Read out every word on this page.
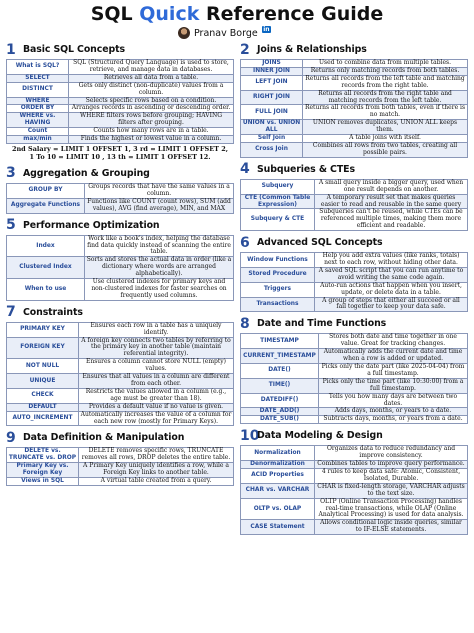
SQL Quick Reference Guide
Pranav Borge in
1 Basic SQL Concepts
What is SQL?	SQL (Structured Query Language) is used to store, retrieve, and manage data in databases.
SELECT	Retrieves all data from a table.
DISTINCT	Gets only distinct (non-duplicate) values from a column.
WHERE	Selects specific rows based on a condition.
ORDER BY	Arranges records in ascending or descending order.
WHERE vs. HAVING	WHERE filters rows before grouping; HAVING filters after grouping.
Count	Counts how many rows are in a table.
max/min	Finds the highest or lowest value in a column.
2nd Salary = LIMIT 1 OFFSET 1, 3 rd = LIMIT 1 OFFSET 2,
1 To 10 = LIMIT 10 , 13 th = LIMIT 1 OFFSET 12.
3 Aggregation & Grouping
GROUP BY	Groups records that have the same values in a column.
Aggregate Functions	Functions like COUNT (count rows), SUM (add values), AVG (find average), MIN, and MAX
5 Performance Optimization
Index	Work like a book's index, helping the database find data quickly instead of scanning the entire table.
Clustered Index	Sorts and stores the actual data in order (like a dictionary where words are arranged alphabetically).
When to use	Use clustered indexes for primary keys and non-clustered indexes for faster searches on frequently used columns.
7 Constraints
PRIMARY KEY	Ensures each row in a table has a uniquely identify.
FOREIGN KEY	A foreign key connects two tables by referring to the primary key in another table (maintain referential integrity).
NOT NULL	Ensures a column cannot store NULL (empty) values.
UNIQUE	Ensures that all values in a column are different from each other.
CHECK	Restricts the values allowed in a column (e.g., age must be greater than 18).
DEFAULT	Provides a default value if no value is given.
AUTO_INCREMENT	Automatically increases the value of a column for each new row (mostly for Primary Keys).
9 Data Definition & Manipulation
DELETE vs. TRUNCATE vs. DROP	DELETE removes specific rows, TRUNCATE removes all rows, DROP deletes the entire table.
Primary Key vs. Foreign Key	A Primary Key uniquely identifies a row, while a Foreign Key links to another table.
Views in SQL	A virtual table created from a query.
2 Joins & Relationships
JOINS	Used to combine data from multiple tables.
INNER JOIN	Returns only matching records from both tables.
LEFT JOIN	Returns all records from the left table and matching records from the right table.
RIGHT JOIN	Returns all records from the right table and matching records from the left table.
FULL JOIN	Returns all records from both tables, even if there is no match.
UNION vs. UNION ALL	UNION removes duplicates, UNION ALL keeps them.
Self Join	A table joins with itself.
Cross Join	Combines all rows from two tables, creating all possible pairs.
4 Subqueries & CTEs
Subquery	A small query inside a bigger query, used when one result depends on another.
CTE (Common Table Expression)	A temporary result set that makes queries easier to read and reusable in the same query
Subquery & CTE	Subqueries can't be reused, while CTEs can be referenced multiple times, making them more efficient and readable.
6 Advanced SQL Concepts
Window Functions	Help you add extra values (like ranks, totals) next to each row, without hiding other data.
Stored Procedure	A saved SQL script that you can run anytime to avoid writing the same code again.
Triggers	Auto-run actions that happen when you insert, update, or delete data in a table.
Transactions	A group of steps that either all succeed or all fail together to keep your data safe.
8 Date and Time Functions
TIMESTAMP	Stores both date and time together in one value. Great for tracking changes.
CURRENT_TIMESTAMP	Automatically adds the current date and time when a row is added or updated.
DATE()	Picks only the date part (like 2025-04-04) from a full timestamp.
TIME()	Picks only the time part (like 10:30:00) from a full timestamp.
DATEDIFF()	Tells you how many days are between two dates.
DATE_ADD()	Adds days, months, or years to a date.
DATE_SUB()	Subtracts days, months, or years from a date.
10
Data Modeling & Design
Normalization	Organizes data to reduce redundancy and improve consistency.
Denormalization	Combines tables to improve query performance.
ACID Properties	4 rules to keep data safe: Atomic, Consistent, Isolated, Durable.
CHAR vs. VARCHAR	CHAR is fixed-length storage, VARCHAR adjusts to the text size.
OLTP vs. OLAP	OLTP (Online Transaction Processing) handles real-time transactions, while OLAP (Online Analytical Processing) is used for data analysis.
CASE Statement	Allows conditional logic inside queries, similar to IF-ELSE statements.
